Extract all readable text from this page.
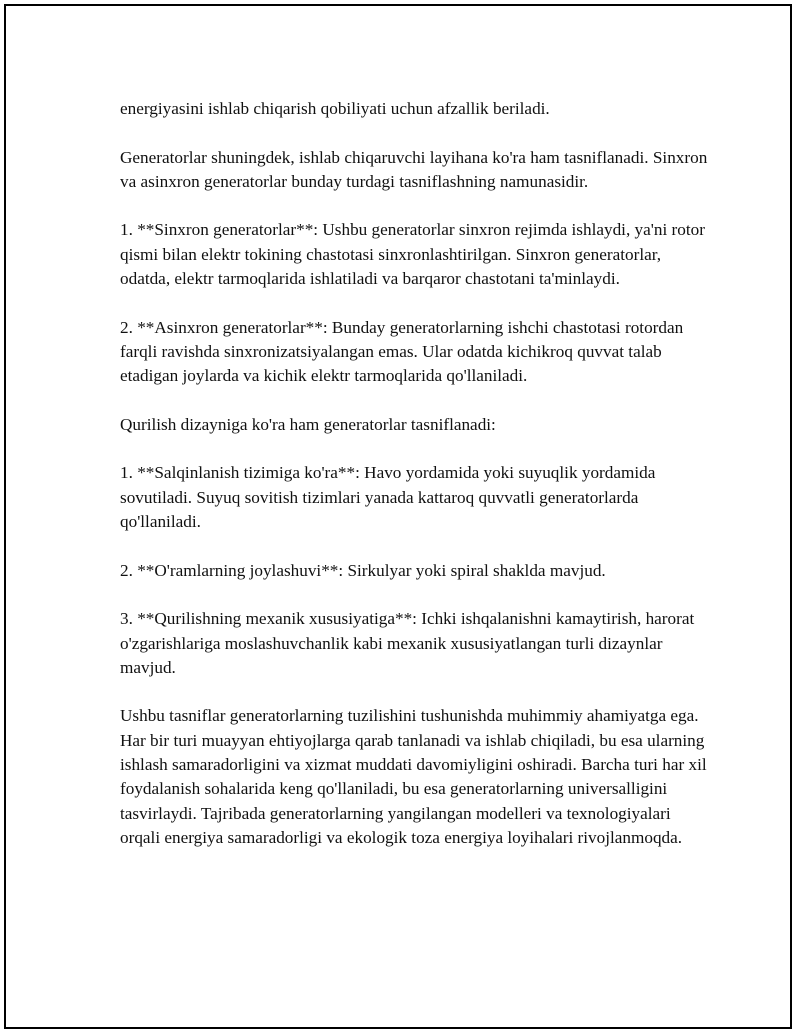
energiyasini ishlab chiqarish qobiliyati uchun afzallik beriladi.

Generatorlar shuningdek, ishlab chiqaruvchi layihana ko'ra ham tasniflanadi. Sinxron va asinxron generatorlar bunday turdagi tasniflashning namunasidir.

1. **Sinxron generatorlar**: Ushbu generatorlar sinxron rejimda ishlaydi, ya'ni rotor qismi bilan elektr tokining chastotasi sinxronlashtirilgan. Sinxron generatorlar, odatda, elektr tarmoqlarida ishlatiladi va barqaror chastotani ta'minlaydi.

2. **Asinxron generatorlar**: Bunday generatorlarning ishchi chastotasi rotordan farqli ravishda sinxronizatsiyalangan emas. Ular odatda kichikroq quvvat talab etadigan joylarda va kichik elektr tarmoqlarida qo'llaniladi.

Qurilish dizayniga ko'ra ham generatorlar tasniflanadi:

1. **Salqinlanish tizimiga ko'ra**: Havo yordamida yoki suyuqlik yordamida sovutiladi. Suyuq sovitish tizimlari yanada kattaroq quvvatli generatorlarda qo'llaniladi.

2. **O'ramlarning joylashuvi**: Sirkulyar yoki spiral shaklda mavjud.

3. **Qurilishning mexanik xususiyatiga**: Ichki ishqalanishni kamaytirish, harorat o'zgarishlariga moslashuvchanlik kabi mexanik xususiyatlangan turli dizaynlar mavjud.

Ushbu tasniflar generatorlarning tuzilishini tushunishda muhimmiy ahamiyatga ega. Har bir turi muayyan ehtiyojlarga qarab tanlanadi va ishlab chiqiladi, bu esa ularning ishlash samaradorligini va xizmat muddati davomiyligini oshiradi. Barcha turi har xil foydalanish sohalarida keng qo'llaniladi, bu esa generatorlarning universalligini tasvirlaydi. Tajribada generatorlarning yangilangan modelleri va texnologiyalari orqali energiya samaradorligi va ekologik toza energiya loyihalari rivojlanmoqda.
